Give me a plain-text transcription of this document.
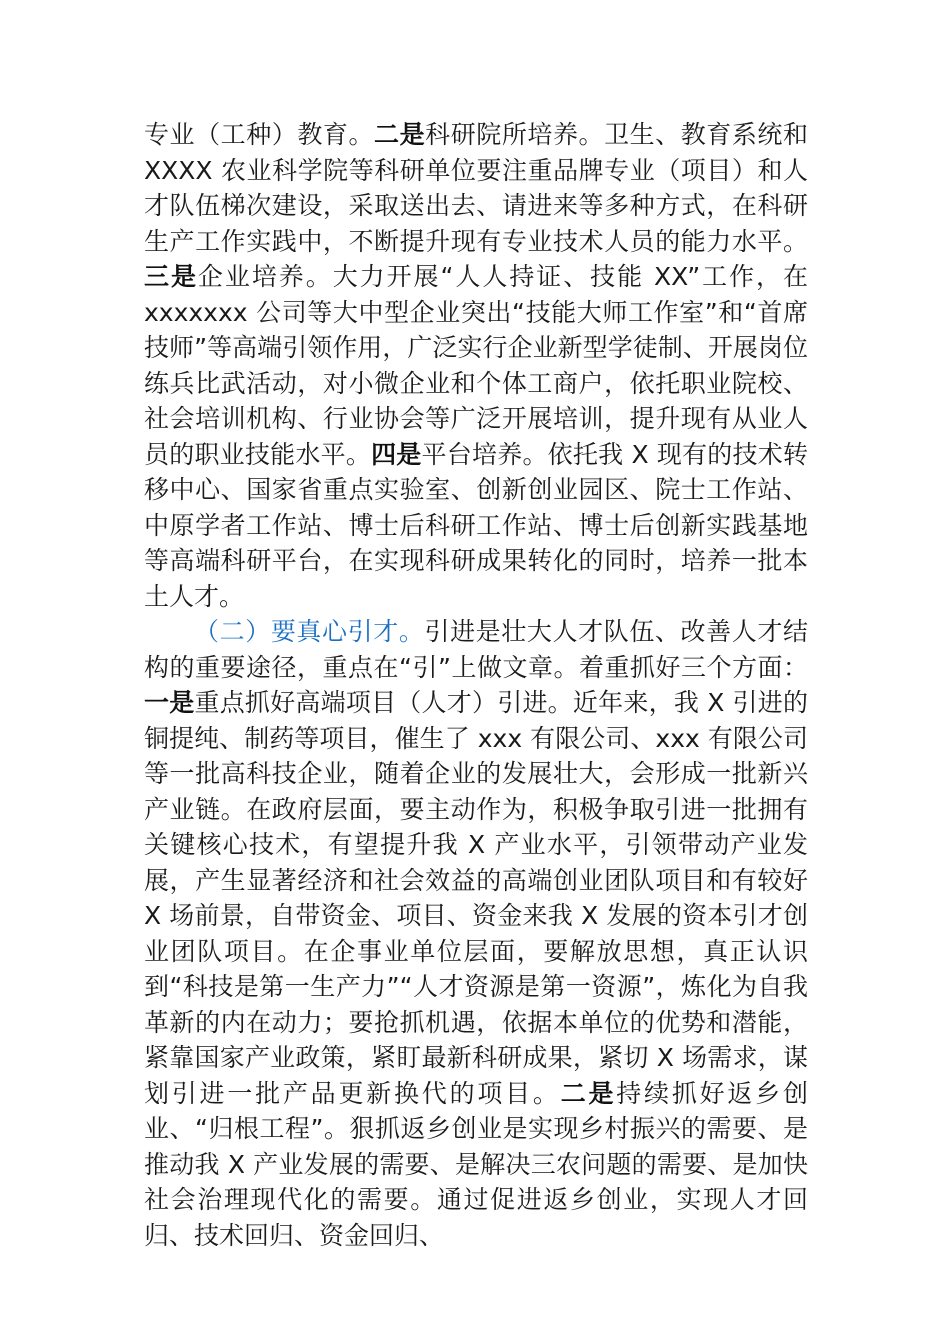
专业（工种）教育。二是科研院所培养。卫生、教育系统和 XXXX 农业科学院等科研单位要注重品牌专业（项目）和人才队伍梯次建设，采取送出去、请进来等多种方式，在科研生产工作实践中，不断提升现有专业技术人员的能力水平。三是企业培养。大力开展“人人持证、技能 XX”工作，在 xxxxxxx 公司等大中型企业突出“技能大师工作室”和“首席技师”等高端引领作用，广泛实行企业新型学徒制、开展岗位练兵比武活动，对小微企业和个体工商户，依托职业院校、社会培训机构、行业协会等广泛开展培训，提升现有从业人员的职业技能水平。四是平台培养。依托我 X 现有的技术转移中心、国家省重点实验室、创新创业园区、院士工作站、中原学者工作站、博士后科研工作站、博士后创新实践基地等高端科研平台，在实现科研成果转化的同时，培养一批本土人才。

（二）要真心引才。引进是壮大人才队伍、改善人才结构的重要途径，重点在“引”上做文章。着重抓好三个方面：一是重点抓好高端项目（人才）引进。近年来，我 X 引进的铜提纯、制药等项目，催生了 xxx 有限公司、xxx 有限公司等一批高科技企业，随着企业的发展壮大，会形成一批新兴产业链。在政府层面，要主动作为，积极争取引进一批拥有关键核心技术，有望提升我 X 产业水平，引领带动产业发展，产生显著经济和社会效益的高端创业团队项目和有较好 X 场前景，自带资金、项目、资金来我 X 发展的资本引才创业团队项目。在企事业单位层面，要解放思想，真正认识到“科技是第一生产力”“人才资源是第一资源”，炼化为自我革新的内在动力；要抢抓机遇，依据本单位的优势和潜能，紧靠国家产业政策，紧盯最新科研成果，紧切 X 场需求，谋划引进一批产品更新换代的项目。二是持续抓好返乡创业、“归根工程”。狠抓返乡创业是实现乡村振兴的需要、是推动我 X 产业发展的需要、是解决三农问题的需要、是加快社会治理现代化的需要。通过促进返乡创业，实现人才回归、技术回归、资金回归、
